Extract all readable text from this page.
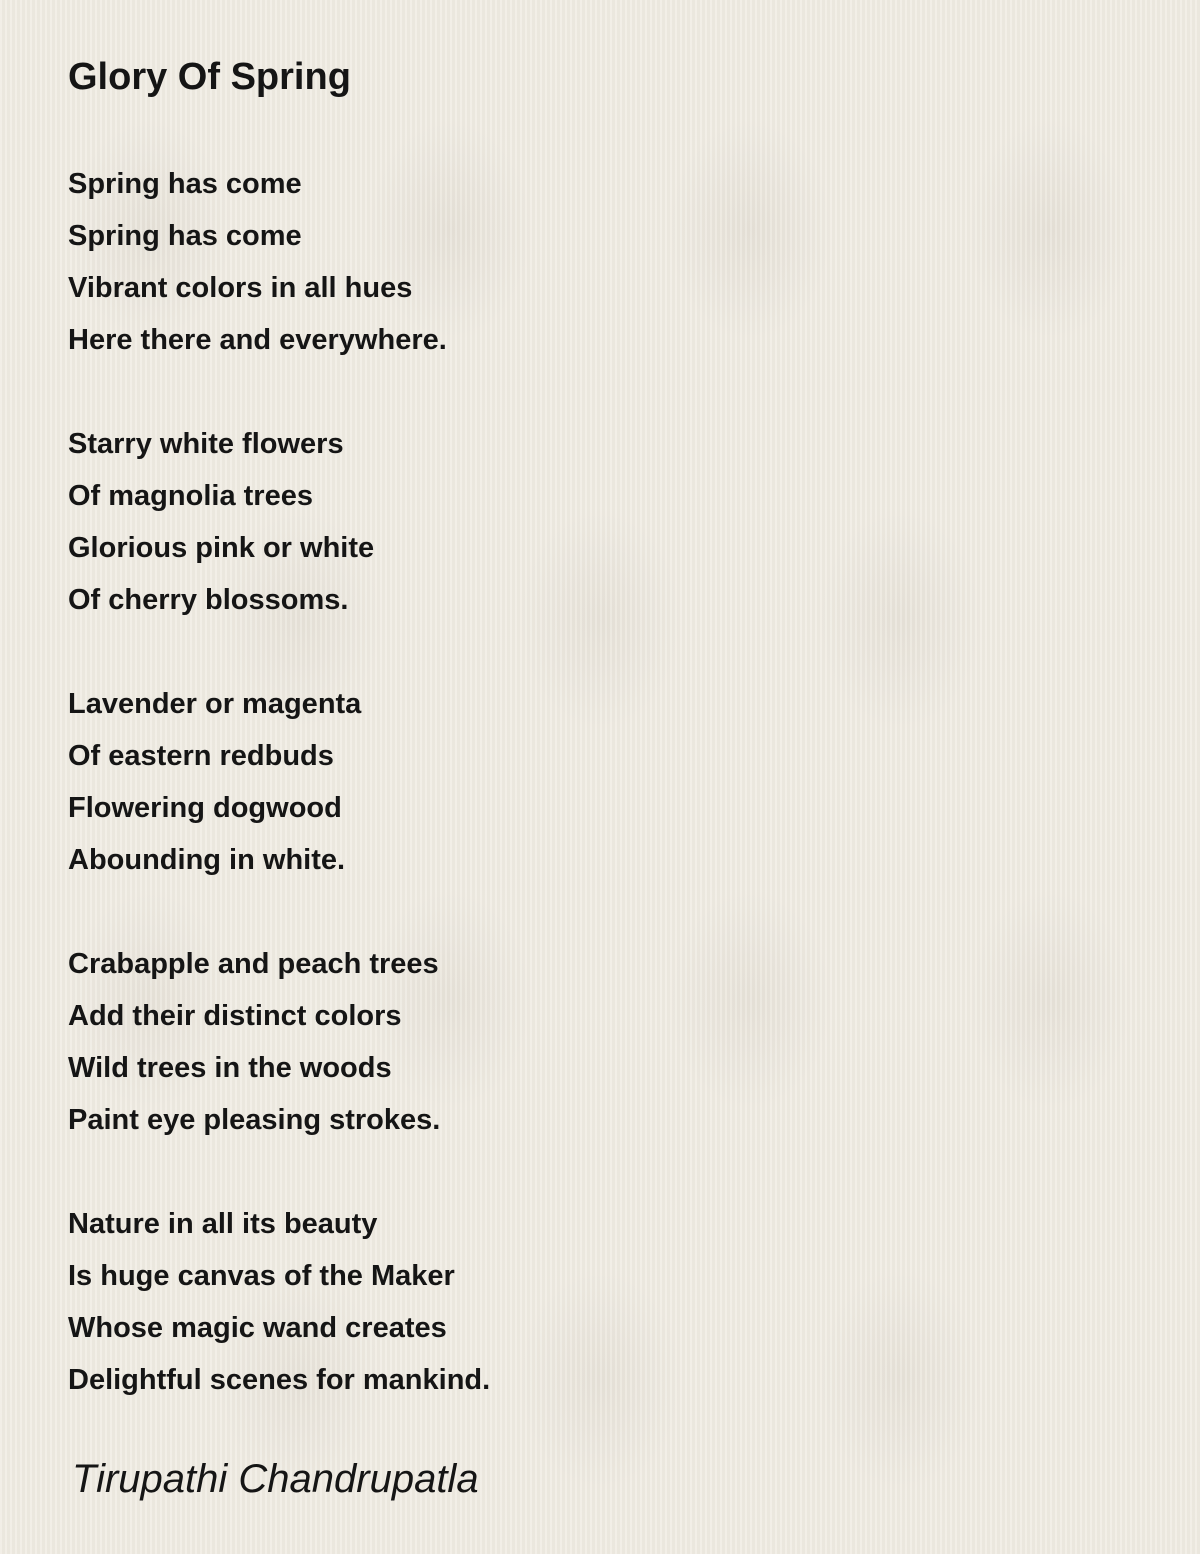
Glory Of Spring
Spring has come
Spring has come
Vibrant colors in all hues
Here there and everywhere.
Starry white flowers
Of magnolia trees
Glorious pink or white
Of cherry blossoms.
Lavender or magenta
Of eastern redbuds
Flowering dogwood
Abounding in white.
Crabapple and peach trees
Add their distinct colors
Wild trees in the woods
Paint eye pleasing strokes.
Nature in all its beauty
Is huge canvas of the Maker
Whose magic wand creates
Delightful scenes for mankind.
Tirupathi Chandrupatla
